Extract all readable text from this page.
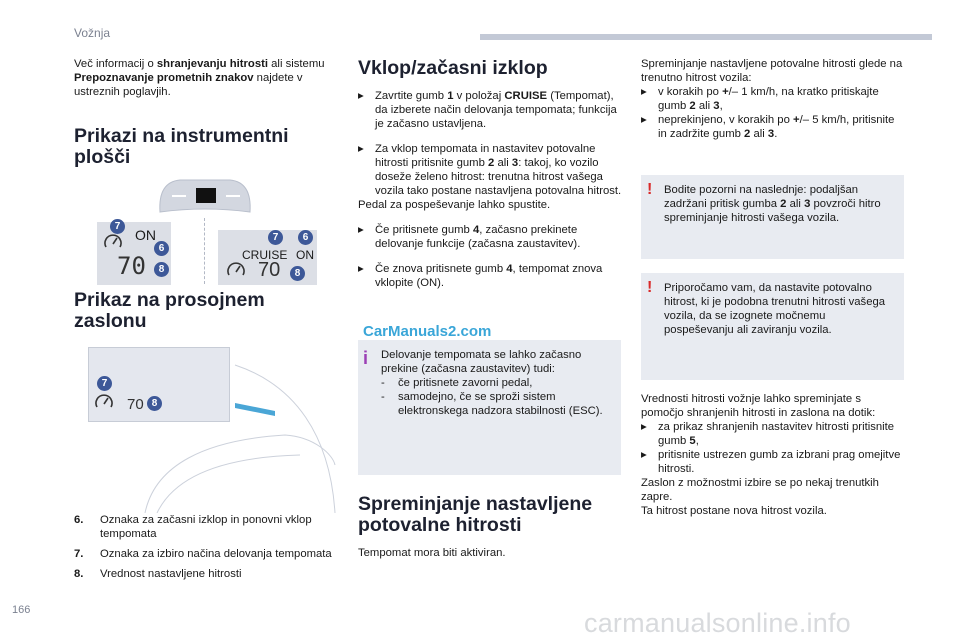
Vožnja

Več informacij o shranjevanju hitrosti ali sistemu Prepoznavanje prometnih znakov najdete v ustreznih poglavjih.

Prikazi na instrumentni plošči
ON
70
7
6
8
CRUISE ON
70
7	6
8
Prikaz na prosojnem zaslonu
70
7
8
6.	Oznaka za začasni izklop in ponovni vklop tempomata
7.	Oznaka za izbiro načina delovanja tempomata
8.	Vrednost nastavljene hitrosti
Vklop/začasni izklop
▸	Zavrtite gumb 1 v položaj CRUISE (Tempomat), da izberete način delovanja tempomata; funkcija je začasno ustavljena.
▸	Za vklop tempomata in nastavitev potovalne hitrosti pritisnite gumb 2 ali 3: takoj, ko vozilo doseže želeno hitrost: trenutna hitrost vašega vozila tako postane nastavljena potovalna hitrost.

Pedal za pospeševanje lahko spustite.

▸	Če pritisnete gumb 4, začasno prekinete delovanje funkcije (začasna zaustavitev).
▸	Če znova pritisnete gumb 4, tempomat znova vklopite (ON).
i Delovanje tempomata se lahko začasno prekine (začasna zaustavitev) tudi:

-	če pritisnete zavorni pedal,
-	samodejno, če se sproži sistem elektronskega nadzora stabilnosti (ESC).
Spreminjanje nastavljene potovalne hitrosti

Tempomat mora biti aktiviran.

Spreminjanje nastavljene potovalne hitrosti glede na trenutno hitrost vozila:

▸	v korakih po +/– 1 km/h, na kratko pritiskajte gumb 2 ali 3,
▸	neprekinjeno, v korakih po +/– 5 km/h, pritisnite in zadržite gumb 2 ali 3.
! Bodite pozorni na naslednje: podaljšan zadržani pritisk gumba 2 ali 3 povzroči hitro spreminjanje hitrosti vašega vozila.

! Priporočamo vam, da nastavite potovalno hitrost, ki je podobna trenutni hitrosti vašega vozila, da se izognete močnemu pospeševanju ali zaviranju vozila.

Vrednosti hitrosti vožnje lahko spreminjate s pomočjo shranjenih hitrosti in zaslona na dotik:

▸	za prikaz shranjenih nastavitev hitrosti pritisnite gumb 5,
▸	pritisnite ustrezen gumb za izbrani prag omejitve hitrosti.

Zaslon z možnostmi izbire se po nekaj trenutkih zapre.

Ta hitrost postane nova hitrost vozila.

CarManuals2.com
carmanualsonline.info
166
